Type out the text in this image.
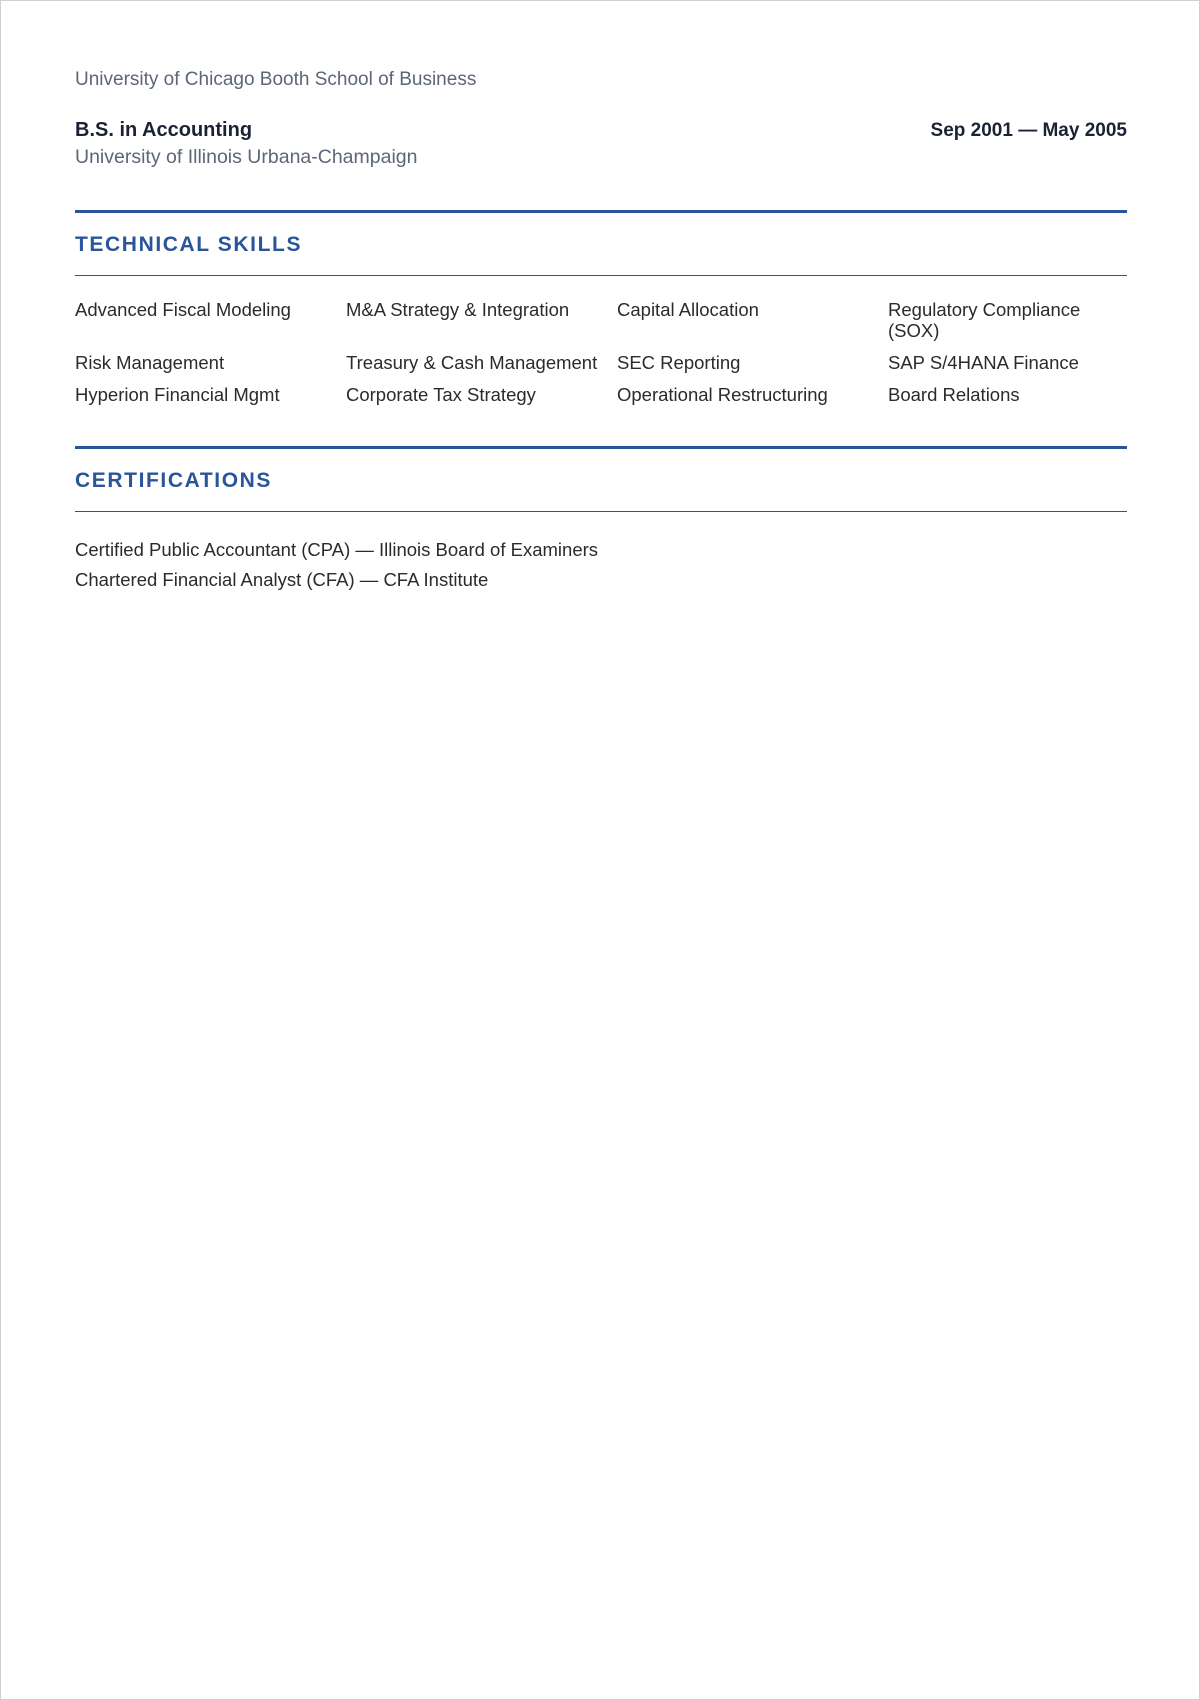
University of Chicago Booth School of Business
B.S. in Accounting	Sep 2001 — May 2005
University of Illinois Urbana-Champaign
TECHNICAL SKILLS
Advanced Fiscal Modeling	M&A Strategy & Integration	Capital Allocation	Regulatory Compliance (SOX)
Risk Management	Treasury & Cash Management	SEC Reporting	SAP S/4HANA Finance
Hyperion Financial Mgmt	Corporate Tax Strategy	Operational Restructuring	Board Relations
CERTIFICATIONS
Certified Public Accountant (CPA) — Illinois Board of Examiners
Chartered Financial Analyst (CFA) — CFA Institute
